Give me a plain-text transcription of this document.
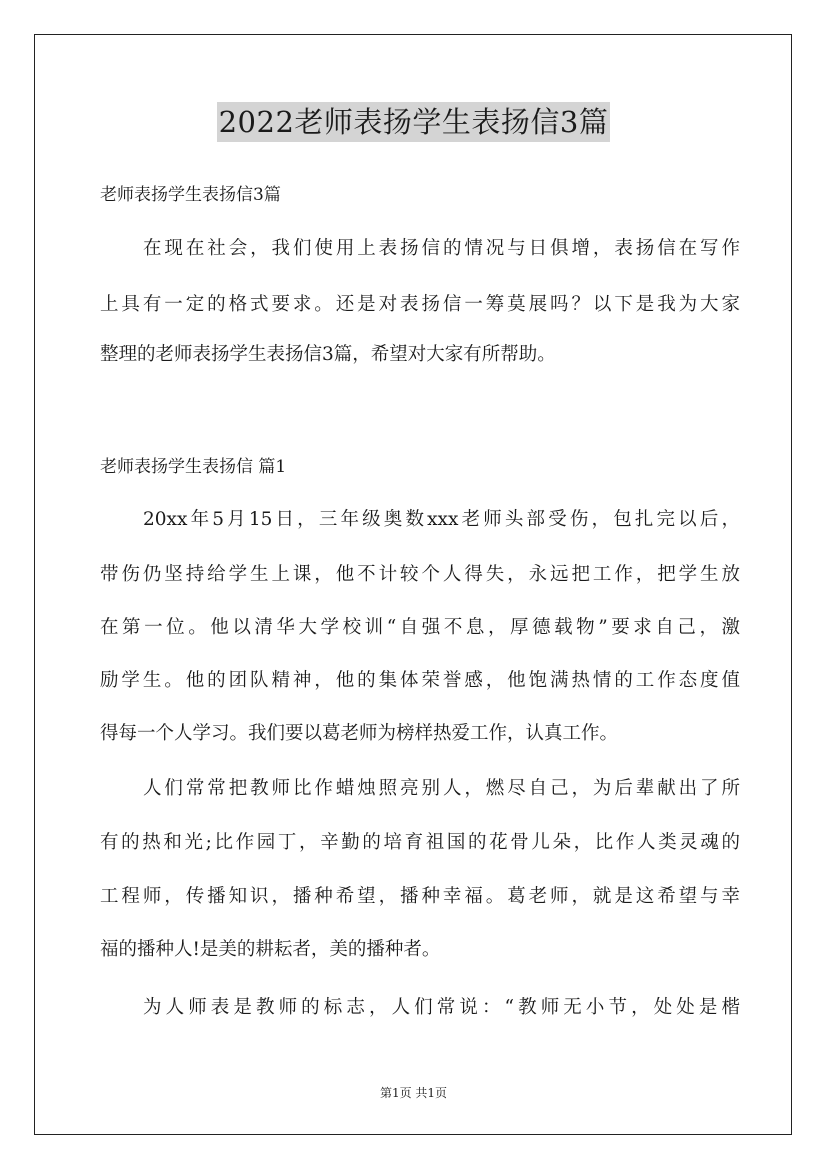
2022老师表扬学生表扬信3篇
老师表扬学生表扬信3篇
在现在社会，我们使用上表扬信的情况与日俱增，表扬信在写作
上具有一定的格式要求。还是对表扬信一筹莫展吗？以下是我为大家
整理的老师表扬学生表扬信3篇，希望对大家有所帮助。
老师表扬学生表扬信 篇1
20xx年5月15日，三年级奥数xxx老师头部受伤，包扎完以后，
带伤仍坚持给学生上课，他不计较个人得失，永远把工作，把学生放
在第一位。他以清华大学校训“自强不息，厚德载物”要求自己，激
励学生。他的团队精神，他的集体荣誉感，他饱满热情的工作态度值
得每一个人学习。我们要以葛老师为榜样热爱工作，认真工作。
人们常常把教师比作蜡烛照亮别人，燃尽自己，为后辈献出了所
有的热和光;比作园丁，辛勤的培育祖国的花骨儿朵，比作人类灵魂的
工程师，传播知识，播种希望，播种幸福。葛老师，就是这希望与幸
福的播种人!是美的耕耘者，美的播种者。
为人师表是教师的标志，人们常说：“教师无小节，处处是楷
第1页 共1页
